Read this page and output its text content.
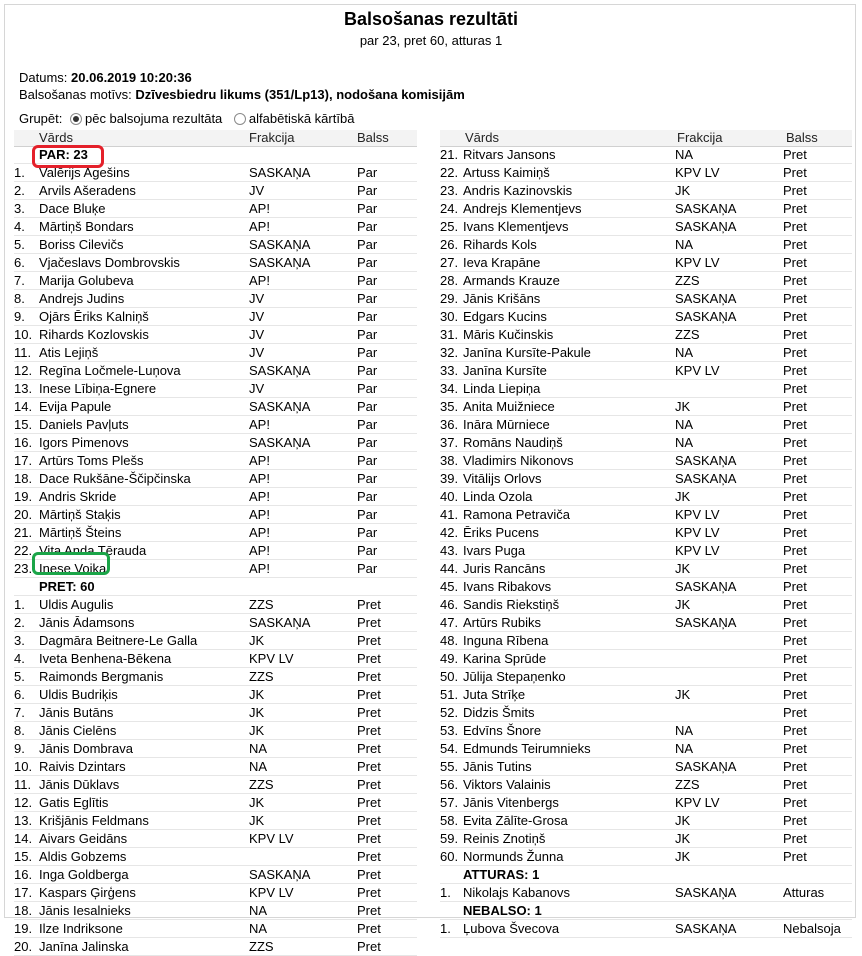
Balsošanas rezultāti
par 23, pret 60, atturas 1
Datums: 20.06.2019 10:20:36
Balsošanas motīvs: Dzīvesbiedru likums (351/Lp13), nodošana komisijām
Grupēt: pēc balsojuma rezultāta alfabētiskā kārtībā
Vārds	Frakcija	Balss	Vārds	Frakcija	Balss
PAR: 23
1. Valērijs Agešins	SASKAŅA	Par
2. Arvils Ašeradens	JV	Par
3. Dace Bluķe	AP!	Par
4. Mārtiņš Bondars	AP!	Par
5. Boriss Cilevičs	SASKAŅA	Par
6. Vjačeslavs Dombrovskis	SASKAŅA	Par
7. Marija Golubeva	AP!	Par
8. Andrejs Judins	JV	Par
9. Ojārs Ēriks Kalniņš	JV	Par
10. Rihards Kozlovskis	JV	Par
11. Atis Lejiņš	JV	Par
12. Regīna Ločmele-Luņova	SASKAŅA	Par
13. Inese Lībiņa-Egnere	JV	Par
14. Evija Papule	SASKAŅA	Par
15. Daniels Pavļuts	AP!	Par
16. Igors Pimenovs	SASKAŅA	Par
17. Artūrs Toms Plešs	AP!	Par
18. Dace Rukšāne-Ščipčinska	AP!	Par
19. Andris Skride	AP!	Par
20. Mārtiņš Staķis	AP!	Par
21. Mārtiņš Šteins	AP!	Par
22. Vita Anda Tērauda	AP!	Par
23. Inese Voika	AP!	Par
PRET: 60
1. Uldis Augulis	ZZS	Pret
2. Jānis Ādamsons	SASKAŅA	Pret
3. Dagmāra Beitnere-Le Galla	JK	Pret
4. Iveta Benhena-Bēkena	KPV LV	Pret
5. Raimonds Bergmanis	ZZS	Pret
6. Uldis Budriķis	JK	Pret
7. Jānis Butāns	JK	Pret
8. Jānis Cielēns	JK	Pret
9. Jānis Dombrava	NA	Pret
10. Raivis Dzintars	NA	Pret
11. Jānis Dūklavs	ZZS	Pret
12. Gatis Eglītis	JK	Pret
13. Krišjānis Feldmans	JK	Pret
14. Aivars Geidāns	KPV LV	Pret
15. Aldis Gobzems	Pret
16. Inga Goldberga	SASKAŅA	Pret
17. Kaspars Ģirģens	KPV LV	Pret
18. Jānis Iesalnieks	NA	Pret
19. Ilze Indriksone	NA	Pret
20. Janīna Jalinska	ZZS	Pret
21. Ritvars Jansons	NA	Pret
22. Artuss Kaimiņš	KPV LV	Pret
23. Andris Kazinovskis	JK	Pret
24. Andrejs Klementjevs	SASKAŅA	Pret
25. Ivans Klementjevs	SASKAŅA	Pret
26. Rihards Kols	NA	Pret
27. Ieva Krapāne	KPV LV	Pret
28. Armands Krauze	ZZS	Pret
29. Jānis Krišāns	SASKAŅA	Pret
30. Edgars Kucins	SASKAŅA	Pret
31. Māris Kučinskis	ZZS	Pret
32. Janīna Kursīte-Pakule	NA	Pret
33. Janīna Kursīte	KPV LV	Pret
34. Linda Liepiņa	Pret
35. Anita Muižniece	JK	Pret
36. Ināra Mūrniece	NA	Pret
37. Romāns Naudiņš	NA	Pret
38. Vladimirs Nikonovs	SASKAŅA	Pret
39. Vitālijs Orlovs	SASKAŅA	Pret
40. Linda Ozola	JK	Pret
41. Ramona Petraviča	KPV LV	Pret
42. Ēriks Pucens	KPV LV	Pret
43. Ivars Puga	KPV LV	Pret
44. Juris Rancāns	JK	Pret
45. Ivans Ribakovs	SASKAŅA	Pret
46. Sandis Riekstiņš	JK	Pret
47. Artūrs Rubiks	SASKAŅA	Pret
48. Inguna Rībena	Pret
49. Karina Sprūde	Pret
50. Jūlija Stepaņenko	Pret
51. Juta Strīķe	JK	Pret
52. Didzis Šmits	Pret
53. Edvīns Šnore	NA	Pret
54. Edmunds Teirumnieks	NA	Pret
55. Jānis Tutins	SASKAŅA	Pret
56. Viktors Valainis	ZZS	Pret
57. Jānis Vitenbergs	KPV LV	Pret
58. Evita Zālīte-Grosa	JK	Pret
59. Reinis Znotiņš	JK	Pret
60. Normunds Žunna	JK	Pret
ATTURAS: 1
1. Nikolajs Kabanovs	SASKAŅA	Atturas
NEBALSO: 1
1. Ļubova Švecova	SASKAŅA	Nebalsoja
